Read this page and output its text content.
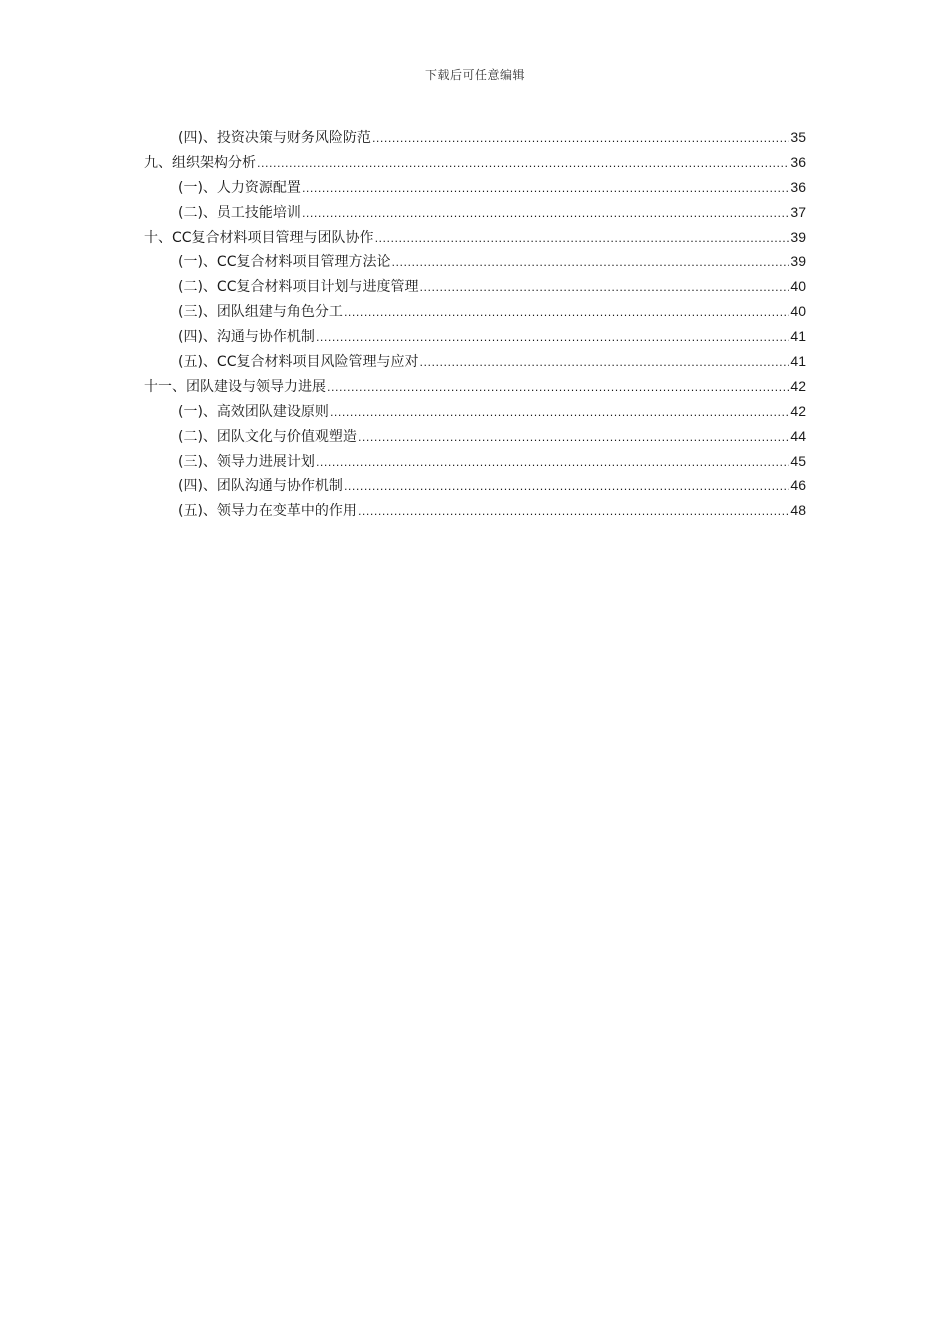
下载后可任意编辑
(四)、投资决策与财务风险防范 .....	35
九、组织架构分析 .....	36
(一)、人力资源配置 .....	36
(二)、员工技能培训 .....	37
十、CC复合材料项目管理与团队协作 .....	39
(一)、CC复合材料项目管理方法论 .....	39
(二)、CC复合材料项目计划与进度管理 .....	40
(三)、团队组建与角色分工 .....	40
(四)、沟通与协作机制 .....	41
(五)、CC复合材料项目风险管理与应对 .....	41
十一、团队建设与领导力进展 .....	42
(一)、高效团队建设原则 .....	42
(二)、团队文化与价值观塑造 .....	44
(三)、领导力进展计划 .....	45
(四)、团队沟通与协作机制 .....	46
(五)、领导力在变革中的作用 .....	48
